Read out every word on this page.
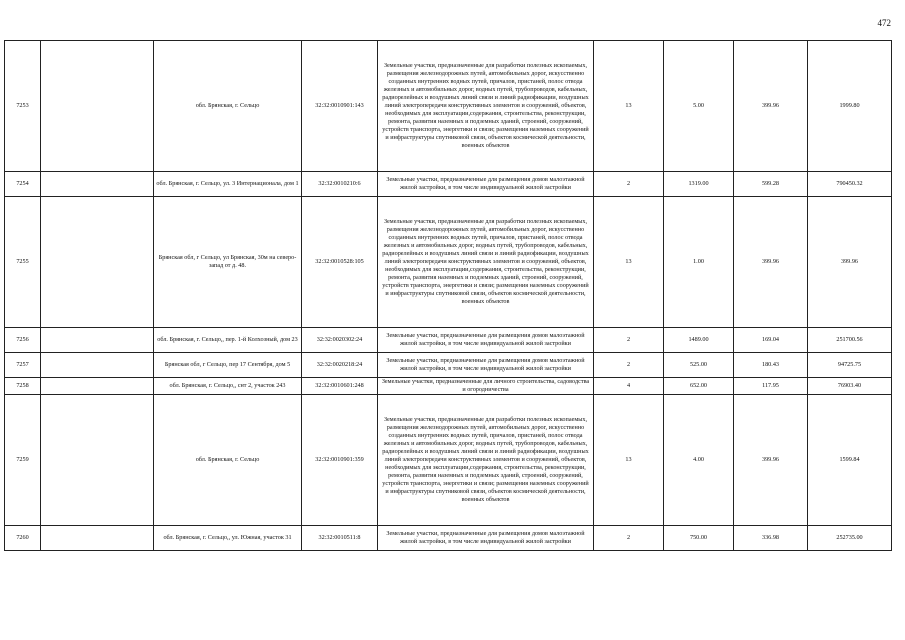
472
7253		обл. Брянская, г. Сельцо	32:32:0010901:143	Земельные участки, предназначенные для разработки полезных ископаемых, размещения железнодорожных путей, автомобильных дорог, искусственно созданных внутренних водных путей, причалов, пристаней, полос отвода железных и автомобильных дорог, водных путей, трубопроводов, кабельных, радиорелейных и воздушных линий связи и линий радиофикации, воздушных линий электропередачи конструктивных элементов и сооружений, объектов, необходимых для эксплуатации,содержания, строительства, реконструкции, ремонта, развития наземных и подземных зданий, строений, сооружений, устройств транспорта, энергетики и связи; размещения наземных сооружений и инфраструктуры спутниковой связи, объектов космической деятельности, военных объектов	13	5.00	399.96	1999.80
7254		обл. Брянская, г. Сельцо, ул. 3 Интернационала, дом 1	32:32:0010210:6	Земельные участки, предназначенные для размещения домов малоэтажной жилой застройки, в том числе индивидуальной жилой застройки	2	1319.00	599.28	790450.32
7255		Брянская обл, г Сельцо, ул Брянская, 30м на северо-запад от д. 48.	32:32:0010528:105	Земельные участки, предназначенные для разработки полезных ископаемых, размещения железнодорожных путей, автомобильных дорог, искусственно созданных внутренних водных путей, причалов, пристаней, полос отвода железных и автомобильных дорог, водных путей, трубопроводов, кабельных, радиорелейных и воздушных линий связи и линий радиофикации, воздушных линий электропередачи конструктивных элементов и сооружений, объектов, необходимых для эксплуатации,содержания, строительства, реконструкции, ремонта, развития наземных и подземных зданий, строений, сооружений, устройств транспорта, энергетики и связи; размещения наземных сооружений и инфраструктуры спутниковой связи, объектов космической деятельности, военных объектов	13	1.00	399.96	399.96
7256		обл. Брянская, г. Сельцо,, пер. 1-й Колхозный, дом 23	32:32:0020302:24	Земельные участки, предназначенные для размещения домов малоэтажной жилой застройки, в том числе индивидуальной жилой застройки	2	1489.00	169.04	251700.56
7257		Брянская обл, г Сельцо, пер 17 Сентября, дом 5	32:32:0020218:24	Земельные участки, предназначенные для размещения домов малоэтажной жилой застройки, в том числе индивидуальной жилой застройки	2	525.00	180.43	94725.75
7258		обл. Брянская, г. Сельцо,, снт 2, участок 243	32:32:0010601:248	Земельные участки, предназначенные для личного строительства, садоводства и огородничества	4	652.00	117.95	76903.40
7259		обл. Брянская, г. Сельцо	32:32:0010901:359	Земельные участки, предназначенные для разработки полезных ископаемых, размещения железнодорожных путей, автомобильных дорог, искусственно созданных внутренних водных путей, причалов, пристаней, полос отвода железных и автомобильных дорог, водных путей, трубопроводов, кабельных, радиорелейных и воздушных линий связи и линий радиофикации, воздушных линий электропередачи конструктивных элементов и сооружений, объектов, необходимых для эксплуатации,содержания, строительства, реконструкции, ремонта, развития наземных и подземных зданий, строений, сооружений, устройств транспорта, энергетики и связи; размещения наземных сооружений и инфраструктуры спутниковой связи, объектов космической деятельности, военных объектов	13	4.00	399.96	1599.84
7260		обл. Брянская, г. Сельцо,, ул. Южная, участок 31	32:32:0010511:8	Земельные участки, предназначенные для размещения домов малоэтажной жилой застройки, в том числе индивидуальной жилой застройки	2	750.00	336.98	252735.00
